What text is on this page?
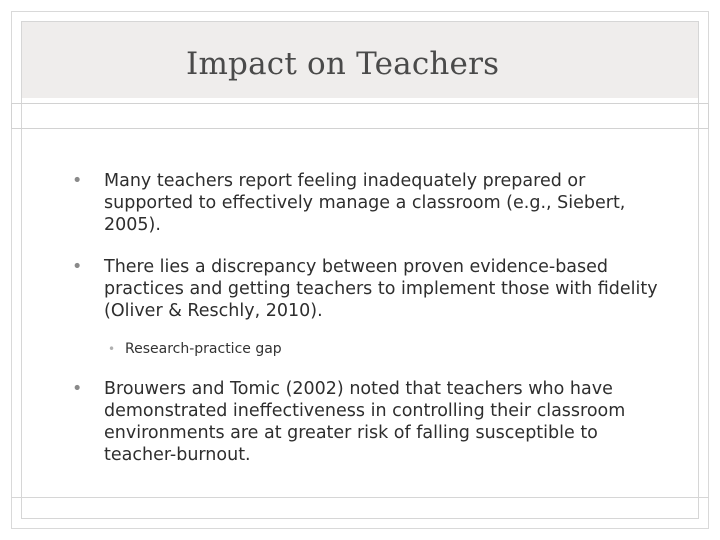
Impact on Teachers
• Many teachers report feeling inadequately prepared or supported to effectively manage a classroom (e.g., Siebert, 2005).
• There lies a discrepancy between proven evidence-based practices and getting teachers to implement those with fidelity (Oliver & Reschly, 2010).
• Research-practice gap
• Brouwers and Tomic (2002) noted that teachers who have demonstrated ineffectiveness in controlling their classroom environments are at greater risk of falling susceptible to teacher-burnout.
